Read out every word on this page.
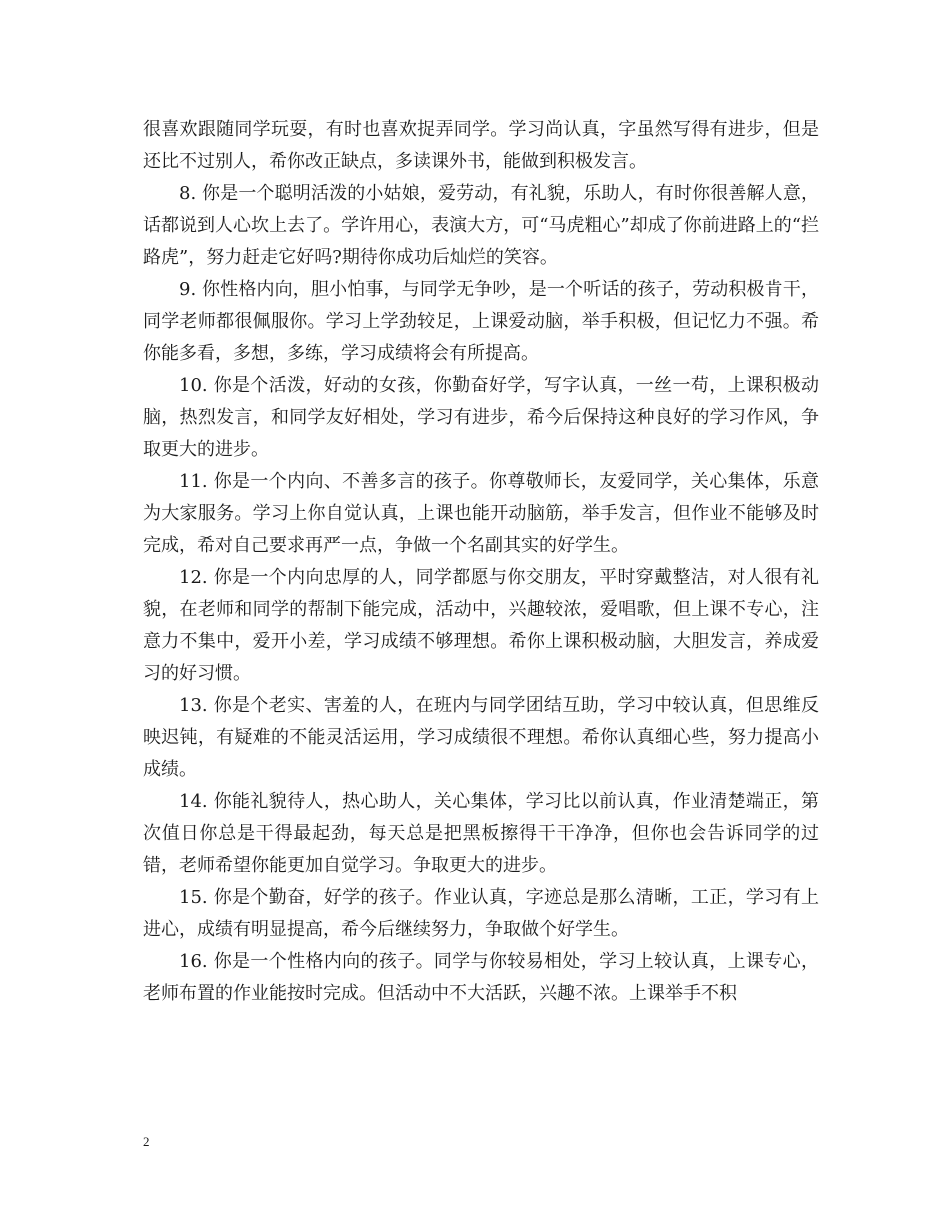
很喜欢跟随同学玩耍，有时也喜欢捉弄同学。学习尚认真，字虽然写得有进步，但是还比不过别人，希你改正缺点，多读课外书，能做到积极发言。

8. 你是一个聪明活泼的小姑娘，爱劳动，有礼貌，乐助人，有时你很善解人意，话都说到人心坎上去了。学许用心，表演大方，可“马虎粗心”却成了你前进路上的“拦路虎”，努力赶走它好吗?期待你成功后灿烂的笑容。

9. 你性格内向，胆小怕事，与同学无争吵，是一个听话的孩子，劳动积极肯干，同学老师都很佩服你。学习上学劲较足，上课爱动脑，举手积极，但记忆力不强。希你能多看，多想，多练，学习成绩将会有所提高。

10. 你是个活泼，好动的女孩，你勤奋好学，写字认真，一丝一苟，上课积极动脑，热烈发言，和同学友好相处，学习有进步，希今后保持这种良好的学习作风，争取更大的进步。

11. 你是一个内向、不善多言的孩子。你尊敬师长，友爱同学，关心集体，乐意为大家服务。学习上你自觉认真，上课也能开动脑筋，举手发言，但作业不能够及时完成，希对自己要求再严一点，争做一个名副其实的好学生。

12. 你是一个内向忠厚的人，同学都愿与你交朋友，平时穿戴整洁，对人很有礼貌，在老师和同学的帮制下能完成，活动中，兴趣较浓，爱唱歌，但上课不专心，注意力不集中，爱开小差，学习成绩不够理想。希你上课积极动脑，大胆发言，养成爱习的好习惯。

13. 你是个老实、害羞的人，在班内与同学团结互助，学习中较认真，但思维反映迟钝，有疑难的不能灵活运用，学习成绩很不理想。希你认真细心些，努力提高小成绩。

14. 你能礼貌待人，热心助人，关心集体，学习比以前认真，作业清楚端正，第次值日你总是干得最起劲，每天总是把黑板擦得干干净净，但你也会告诉同学的过错，老师希望你能更加自觉学习。争取更大的进步。

15. 你是个勤奋，好学的孩子。作业认真，字迹总是那么清晰，工正，学习有上进心，成绩有明显提高，希今后继续努力，争取做个好学生。

16. 你是一个性格内向的孩子。同学与你较易相处，学习上较认真，上课专心，老师布置的作业能按时完成。但活动中不大活跃，兴趣不浓。上课举手不积

2
